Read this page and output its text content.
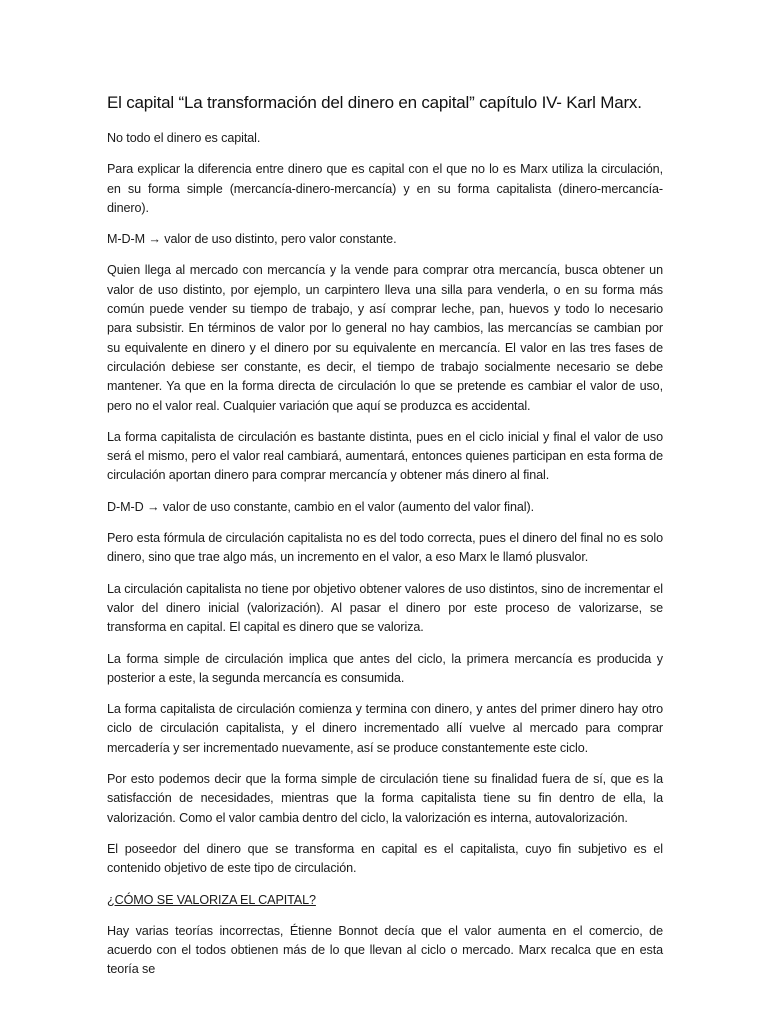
El capital “La transformación del dinero en capital” capítulo IV- Karl Marx.

No todo el dinero es capital.

Para explicar la diferencia entre dinero que es capital con el que no lo es Marx utiliza la circulación, en su forma simple (mercancía-dinero-mercancía) y en su forma capitalista (dinero-mercancía-dinero).

M-D-M → valor de uso distinto, pero valor constante.

Quien llega al mercado con mercancía y la vende para comprar otra mercancía, busca obtener un valor de uso distinto, por ejemplo, un carpintero lleva una silla para venderla, o en su forma más común puede vender su tiempo de trabajo, y así comprar leche, pan, huevos y todo lo necesario para subsistir. En términos de valor por lo general no hay cambios, las mercancías se cambian por su equivalente en dinero y el dinero por su equivalente en mercancía. El valor en las tres fases de circulación debiese ser constante, es decir, el tiempo de trabajo socialmente necesario se debe mantener. Ya que en la forma directa de circulación lo que se pretende es cambiar el valor de uso, pero no el valor real. Cualquier variación que aquí se produzca es accidental.

La forma capitalista de circulación es bastante distinta, pues en el ciclo inicial y final el valor de uso será el mismo, pero el valor real cambiará, aumentará, entonces quienes participan en esta forma de circulación aportan dinero para comprar mercancía y obtener más dinero al final.

D-M-D → valor de uso constante, cambio en el valor (aumento del valor final).

Pero esta fórmula de circulación capitalista no es del todo correcta, pues el dinero del final no es solo dinero, sino que trae algo más, un incremento en el valor, a eso Marx le llamó plusvalor.

La circulación capitalista no tiene por objetivo obtener valores de uso distintos, sino de incrementar el valor del dinero inicial (valorización). Al pasar el dinero por este proceso de valorizarse, se transforma en capital. El capital es dinero que se valoriza.

La forma simple de circulación implica que antes del ciclo, la primera mercancía es producida y posterior a este, la segunda mercancía es consumida.

La forma capitalista de circulación comienza y termina con dinero, y antes del primer dinero hay otro ciclo de circulación capitalista, y el dinero incrementado allí vuelve al mercado para comprar mercadería y ser incrementado nuevamente, así se produce constantemente este ciclo.

Por esto podemos decir que la forma simple de circulación tiene su finalidad fuera de sí, que es la satisfacción de necesidades, mientras que la forma capitalista tiene su fin dentro de ella, la valorización. Como el valor cambia dentro del ciclo, la valorización es interna, autovalorización.

El poseedor del dinero que se transforma en capital es el capitalista, cuyo fin subjetivo es el contenido objetivo de este tipo de circulación.

¿CÓMO SE VALORIZA EL CAPITAL?

Hay varias teorías incorrectas, Étienne Bonnot decía que el valor aumenta en el comercio, de acuerdo con el todos obtienen más de lo que llevan al ciclo o mercado. Marx recalca que en esta teoría se
